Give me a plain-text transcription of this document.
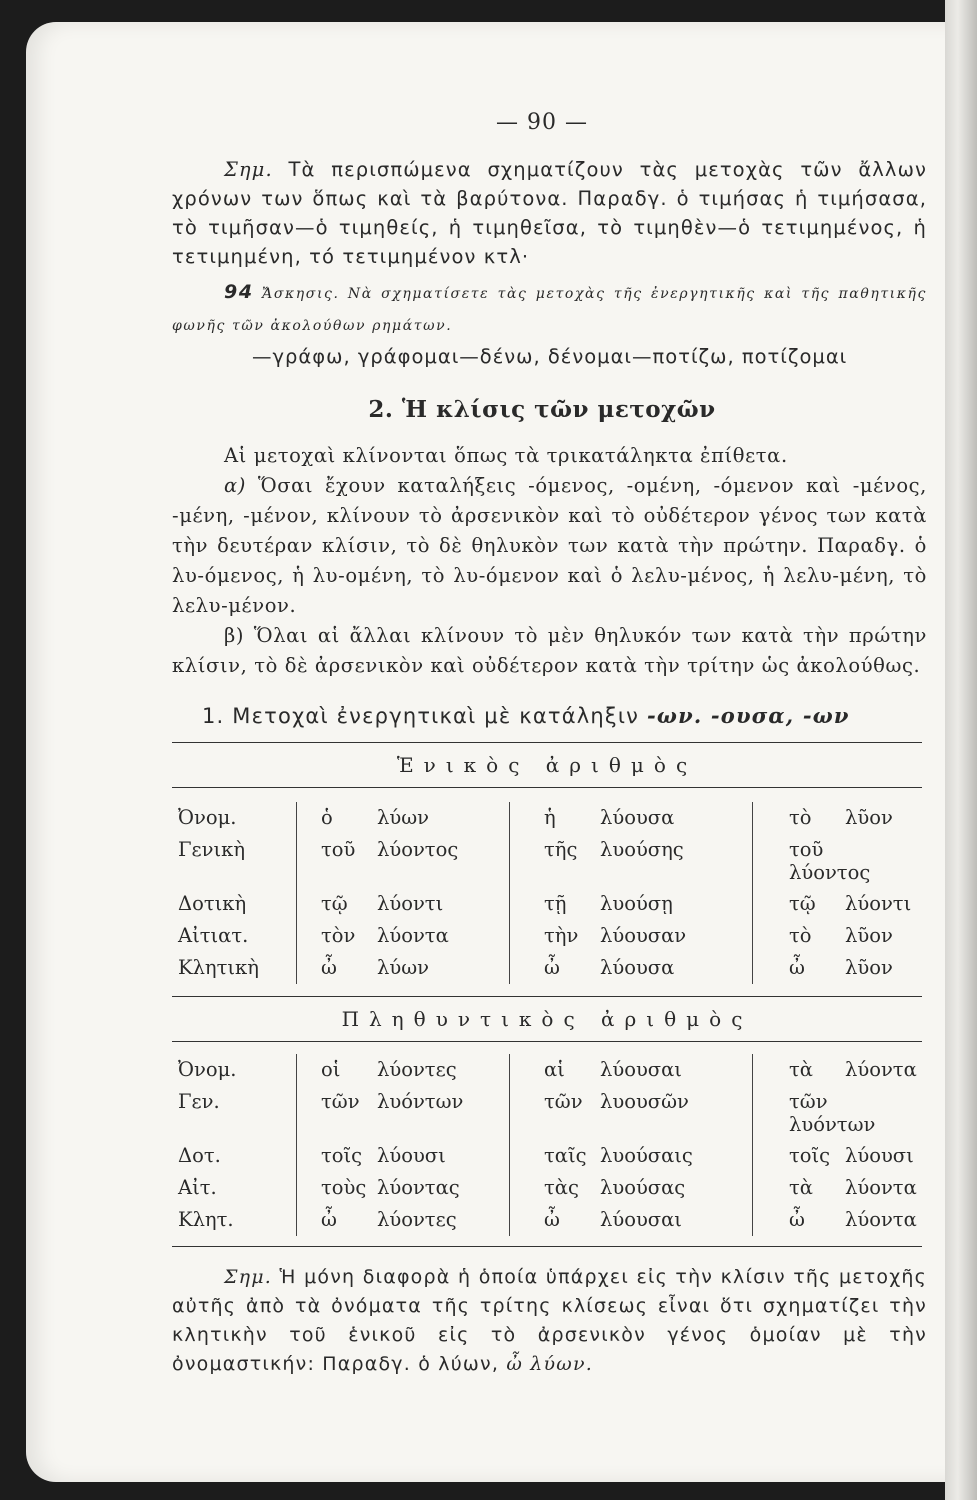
— 90 —

Σημ. Τὰ περισπώμενα σχηματίζουν τὰς μετοχὰς τῶν ἄλλων χρόνων των ὅπως καὶ τὰ βαρύτονα. Παραδγ. ὁ τιμήσας ἡ τιμήσασα, τὸ τιμῆσαν—ὁ τιμηθείς, ἡ τιμηθεῖσα, τὸ τιμηθὲν—ὁ τετιμημένος, ἡ τετιμημένη, τό τετιμημένον κτλ·

94 Ἄσκησις. Νὰ σχηματίσετε τὰς μετοχὰς τῆς ἐνεργητικῆς καὶ τῆς παθητικῆς φωνῆς τῶν ἀκολούθων ρημάτων.

—γράφω, γράφομαι—δένω, δένομαι—ποτίζω, ποτίζομαι
2. Ἡ κλίσις τῶν μετοχῶν

Αἱ μετοχαὶ κλίνονται ὅπως τὰ τρικατάληκτα ἐπίθετα.

α) Ὅσαι ἔχουν καταλήξεις -όμενος, -ομένη, -όμενον καὶ -μένος, -μένη, -μένον, κλίνουν τὸ ἀρσενικὸν καὶ τὸ οὐδέτερον γένος των κατὰ τὴν δευτέραν κλίσιν, τὸ δὲ θηλυκὸν των κατὰ τὴν πρώτην. Παραδγ. ὁ λυ-όμενος, ἡ λυ-ομένη, τὸ λυ-όμενον καὶ ὁ λελυ-μένος, ἡ λελυ-μένη, τὸ λελυ-μένον.

β) Ὅλαι αἱ ἄλλαι κλίνουν τὸ μὲν θηλυκόν των κατὰ τὴν πρώτην κλίσιν, τὸ δὲ ἀρσενικὸν καὶ οὐδέτερον κατὰ τὴν τρίτην ὡς ἀκολούθως.

1. Μετοχαὶ ἐνεργητικαὶ μὲ κατάληξιν -ων. -ουσα, -ων
Ἑνικὸς ἀριθμὸς
Ὀνομ.	ὁ λύων	ἡ λύουσα	τὸ λῦον
Γενικὴ	τοῦ λύοντος	τῆς λυούσης	τοῦλύοντος
Δοτικὴ	τῷ λύοντι	τῇ λυούσῃ	τῷ λύοντι
Αἰτιατ.	τὸν λύοντα	τὴν λύουσαν	τὸ λῦον
Κλητικὴ	ὦ λύων	ὦ λύουσα	ὦ λῦον
Πληθυντικὸς ἀριθμὸς
Ὀνομ.	οἱ λύοντες	αἱ λύουσαι	τὰ λύοντα
Γεν.	τῶν λυόντων	τῶν λυουσῶν	τῶνλυόντων
Δοτ.	τοῖς λύουσι	ταῖς λυούσαις	τοῖς λύουσι
Αἰτ.	τοὺς λύοντας	τὰς λυούσας	τὰ λύοντα
Κλητ.	ὦ λύοντες	ὦ λύουσαι	ὦ λύοντα

Σημ. Ἡ μόνη διαφορὰ ἡ ὁποία ὑπάρχει εἰς τὴν κλίσιν τῆς μετοχῆς αὐτῆς ἀπὸ τὰ ὀνόματα τῆς τρίτης κλίσεως εἶναι ὅτι σχηματίζει τὴν κλητικὴν τοῦ ἑνικοῦ εἰς τὸ ἀρσενικὸν γένος ὁμοίαν μὲ τὴν ὀνομαστικήν: Παραδγ. ὁ λύων, ὦ λύων.
